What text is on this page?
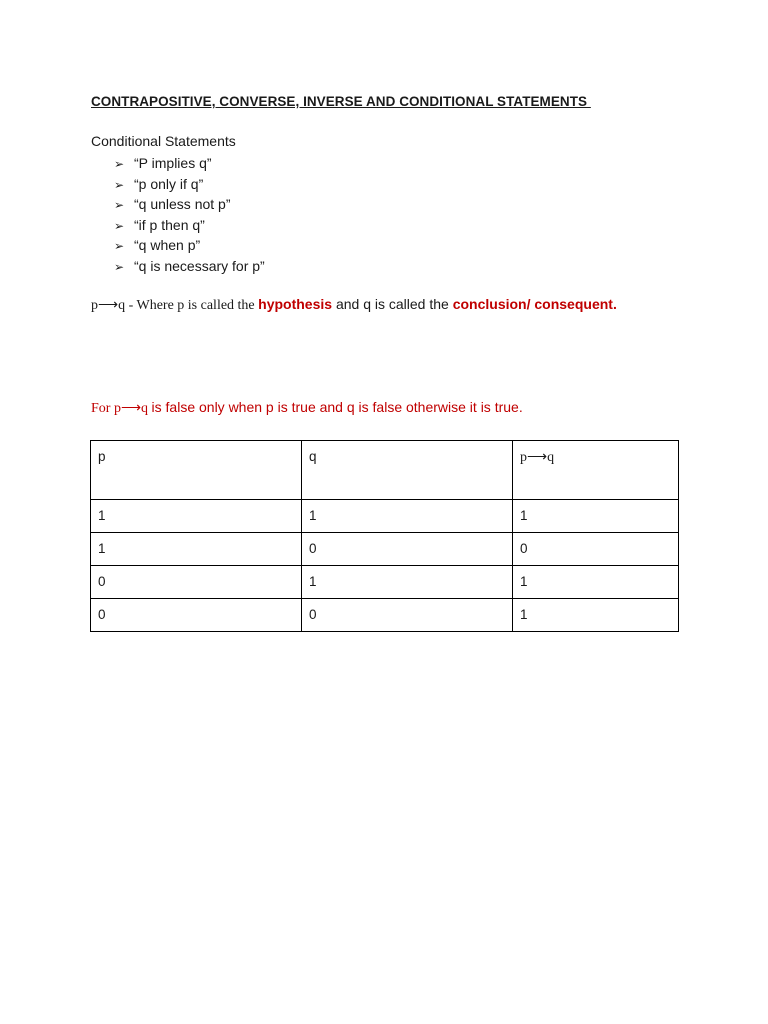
CONTRAPOSITIVE, CONVERSE, INVERSE AND CONDITIONAL STATEMENTS
Conditional Statements
➢ “P implies q”
➢ “p only if q”
➢ “q unless not p”
➢ “if p then q”
➢ “q when p”
➢ “q is necessary for p”
p⟶q - Where p is called the hypothesis and q is called the conclusion/ consequent.
For p⟶q is false only when p is true and q is false otherwise it is true.
p	q	p⟶q
1	1	1
1	0	0
0	1	1
0	0	1
